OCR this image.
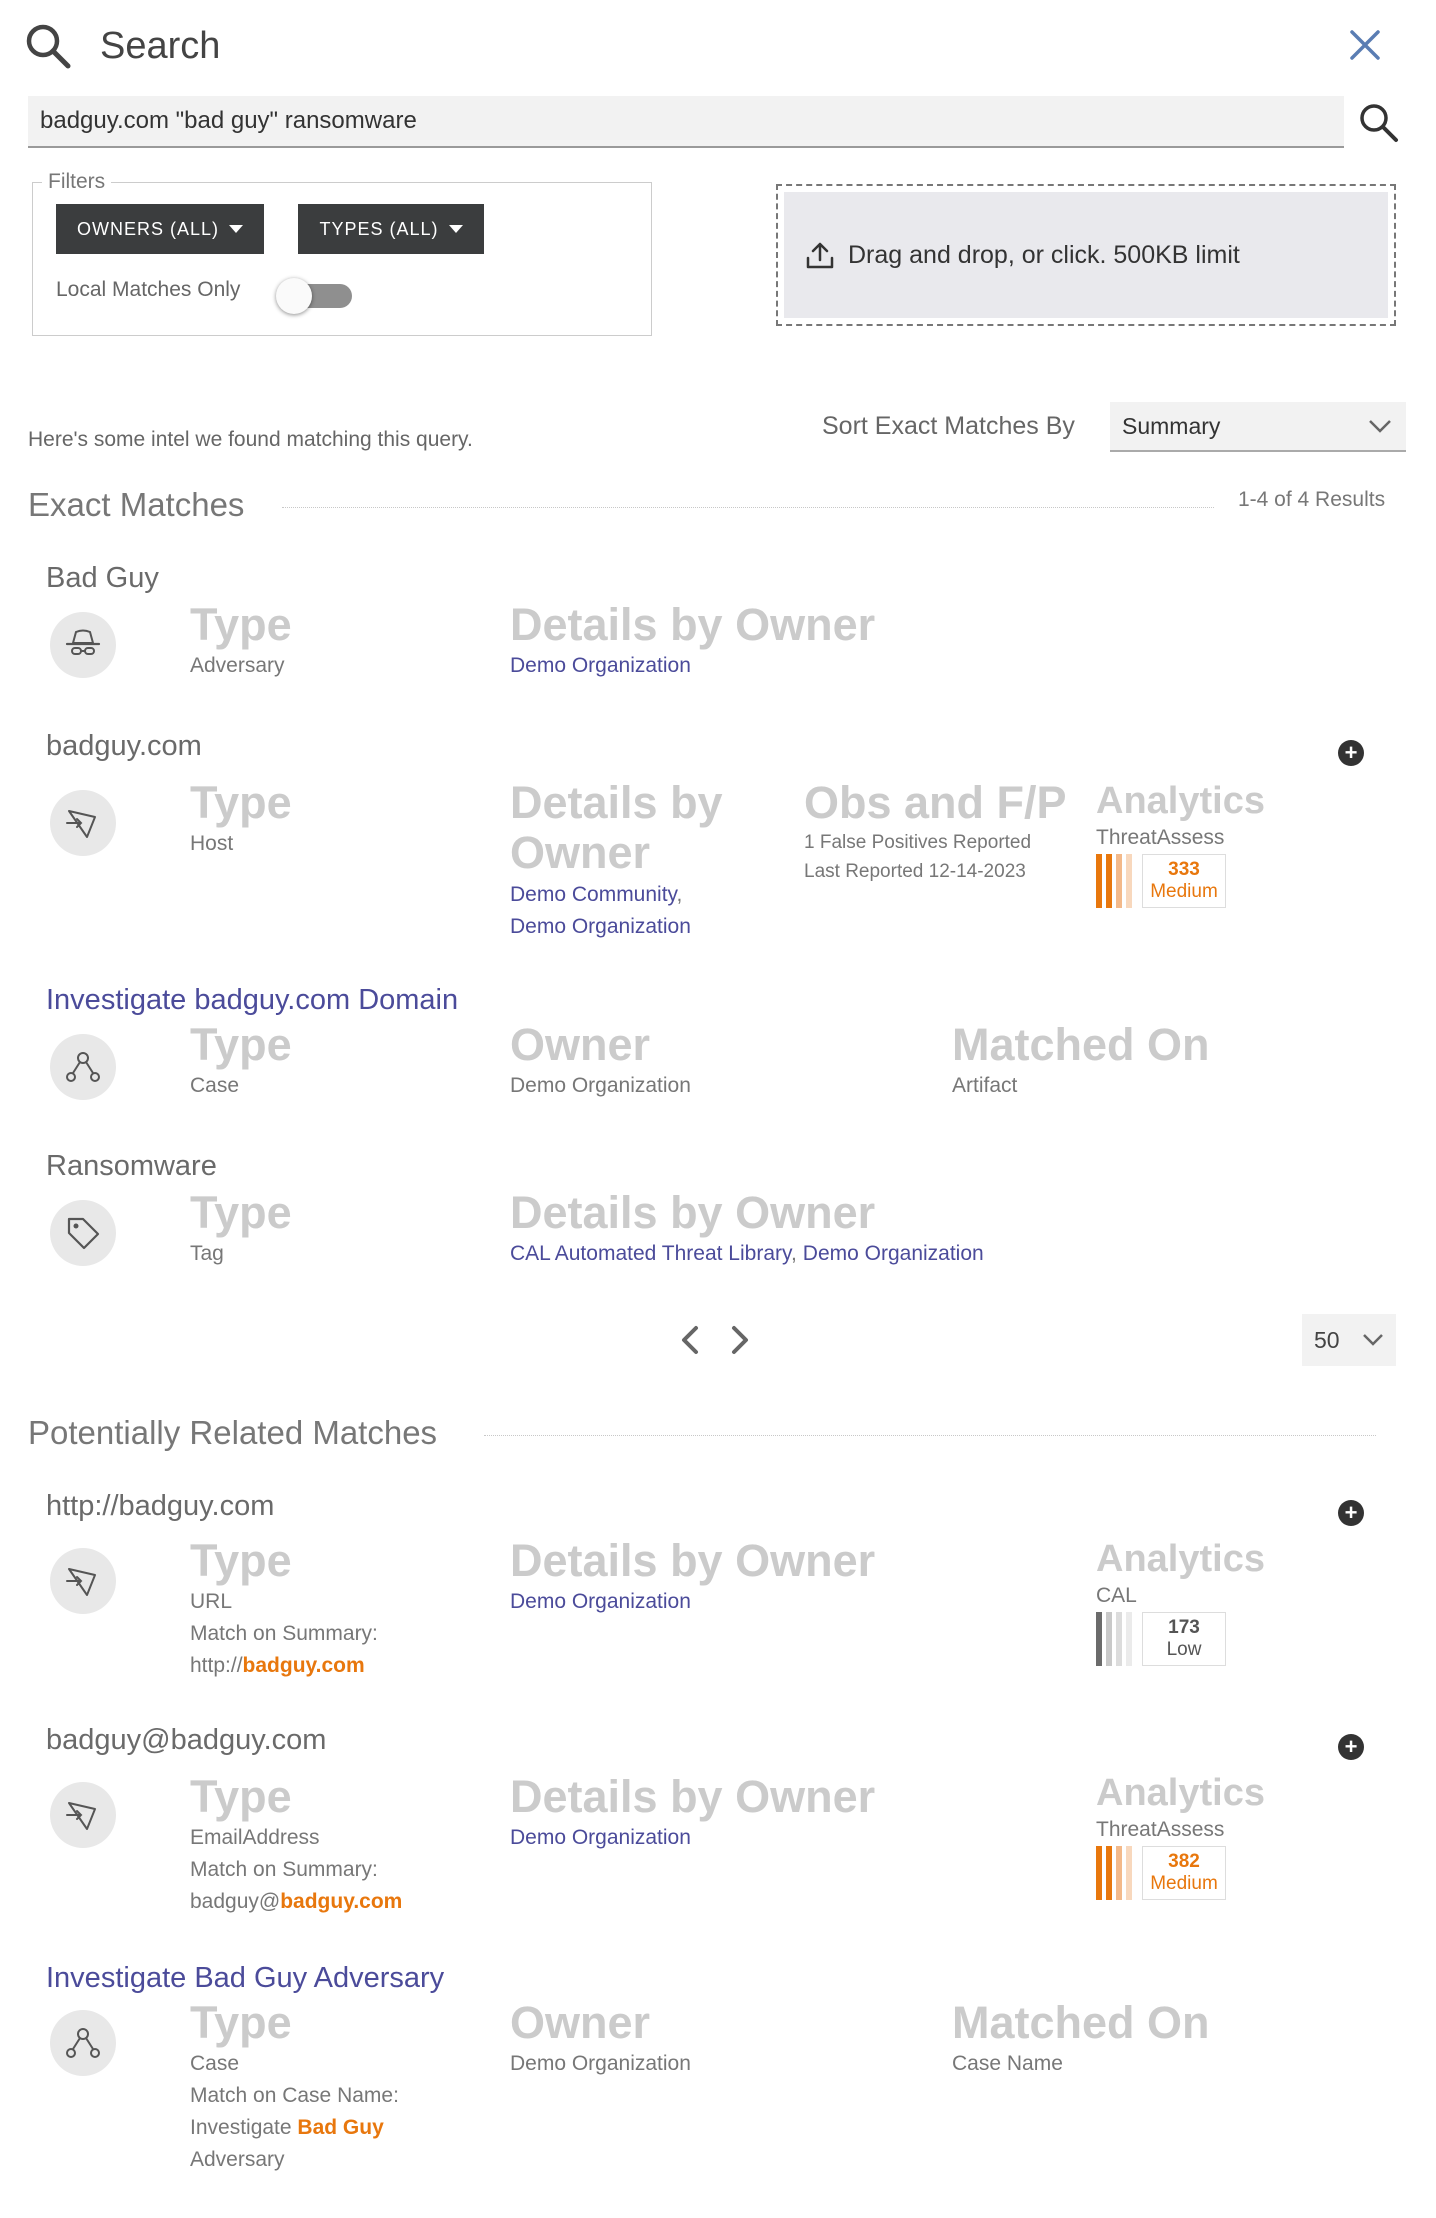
Search
badguy.com "bad guy" ransomware
Filters
OWNERS (ALL)	TYPES (ALL)
Local Matches Only
Drag and drop, or click. 500KB limit
Here's some intel we found matching this query.	Sort Exact Matches By Summary
Exact Matches	1-4 of 4 Results
Bad Guy
Type
Adversary
Details by Owner
Demo Organization
badguy.com	+
Type
Host
Details by Owner
Demo Community,
Demo Organization
Obs and F/P
1 False Positives Reported
Last Reported 12-14-2023
Analytics
ThreatAssess
333
Medium
Investigate badguy.com Domain
Type
Case
Owner
Demo Organization
Matched On
Artifact
Ransomware
Type
Tag
Details by Owner
CAL Automated Threat Library, Demo Organization
50
Potentially Related Matches
http://badguy.com	+
Type
URL
Match on Summary:
http://badguy.com
Details by Owner
Demo Organization
Analytics
CAL
173
Low
badguy@badguy.com	+
Type
EmailAddress
Match on Summary:
badguy@badguy.com
Details by Owner
Demo Organization
Analytics
ThreatAssess
382
Medium
Investigate Bad Guy Adversary
Type
Case
Match on Case Name:
Investigate Bad Guy
Adversary
Owner
Demo Organization
Matched On
Case Name
